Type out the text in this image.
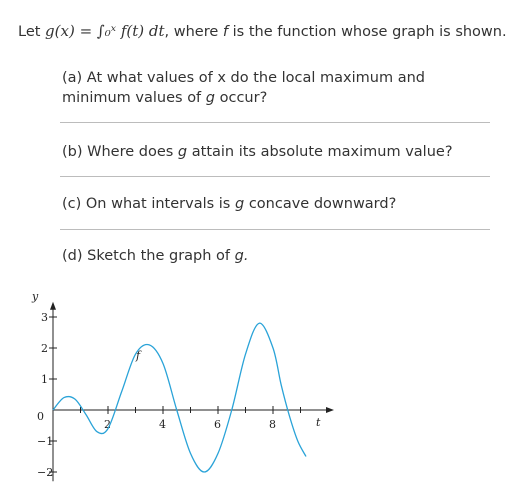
Let g(x) = ∫₀ˣ f(t) dt, where f is the function whose graph is shown.
(a) At what values of x do the local maximum and minimum values of g occur?
(b) Where does g attain its absolute maximum value?
(c) On what intervals is g concave downward?
(d) Sketch the graph of g.
2	4	6	8
3
2
1
−1
−2
f
y
t
0
